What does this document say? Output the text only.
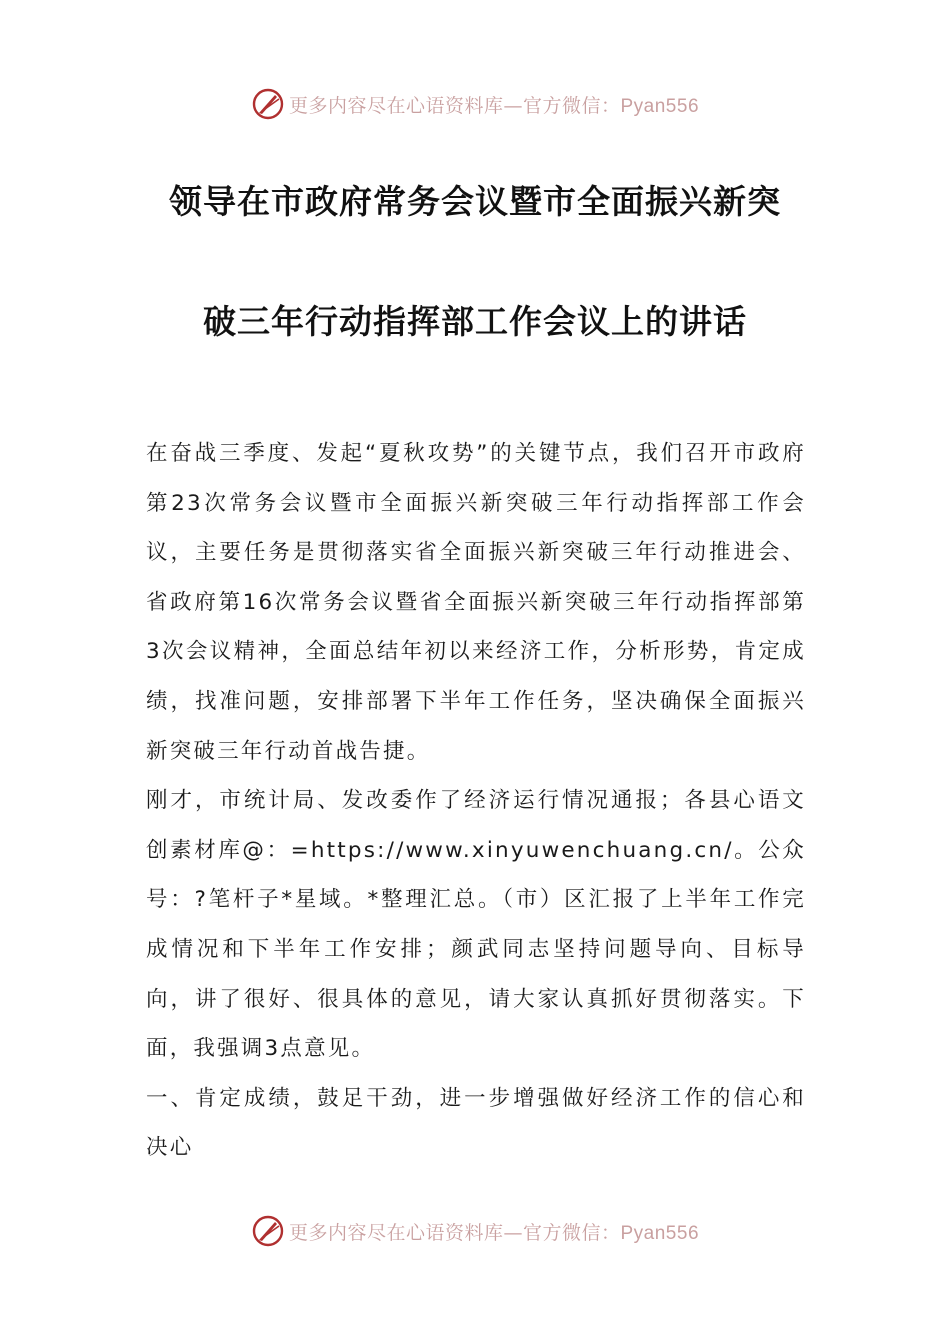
更多内容尽在心语资料库—官方微信：Pyan556
领导在市政府常务会议暨市全面振兴新突
破三年行动指挥部工作会议上的讲话

在奋战三季度、发起“夏秋攻势”的关键节点，我们召开市政府第23次常务会议暨市全面振兴新突破三年行动指挥部工作会议，主要任务是贯彻落实省全面振兴新突破三年行动推进会、省政府第16次常务会议暨省全面振兴新突破三年行动指挥部第3次会议精神，全面总结年初以来经济工作，分析形势，肯定成绩，找准问题，安排部署下半年工作任务，坚决确保全面振兴新突破三年行动首战告捷。

刚才，市统计局、发改委作了经济运行情况通报；各县心语文创素材库@：=https://www.xinyuwenchuang.cn/。公众号：?笔杆子*星域。*整理汇总。（市）区汇报了上半年工作完成情况和下半年工作安排；颜武同志坚持问题导向、目标导向，讲了很好、很具体的意见，请大家认真抓好贯彻落实。下面，我强调3点意见。

一、肯定成绩，鼓足干劲，进一步增强做好经济工作的信心和决心

更多内容尽在心语资料库—官方微信：Pyan556
